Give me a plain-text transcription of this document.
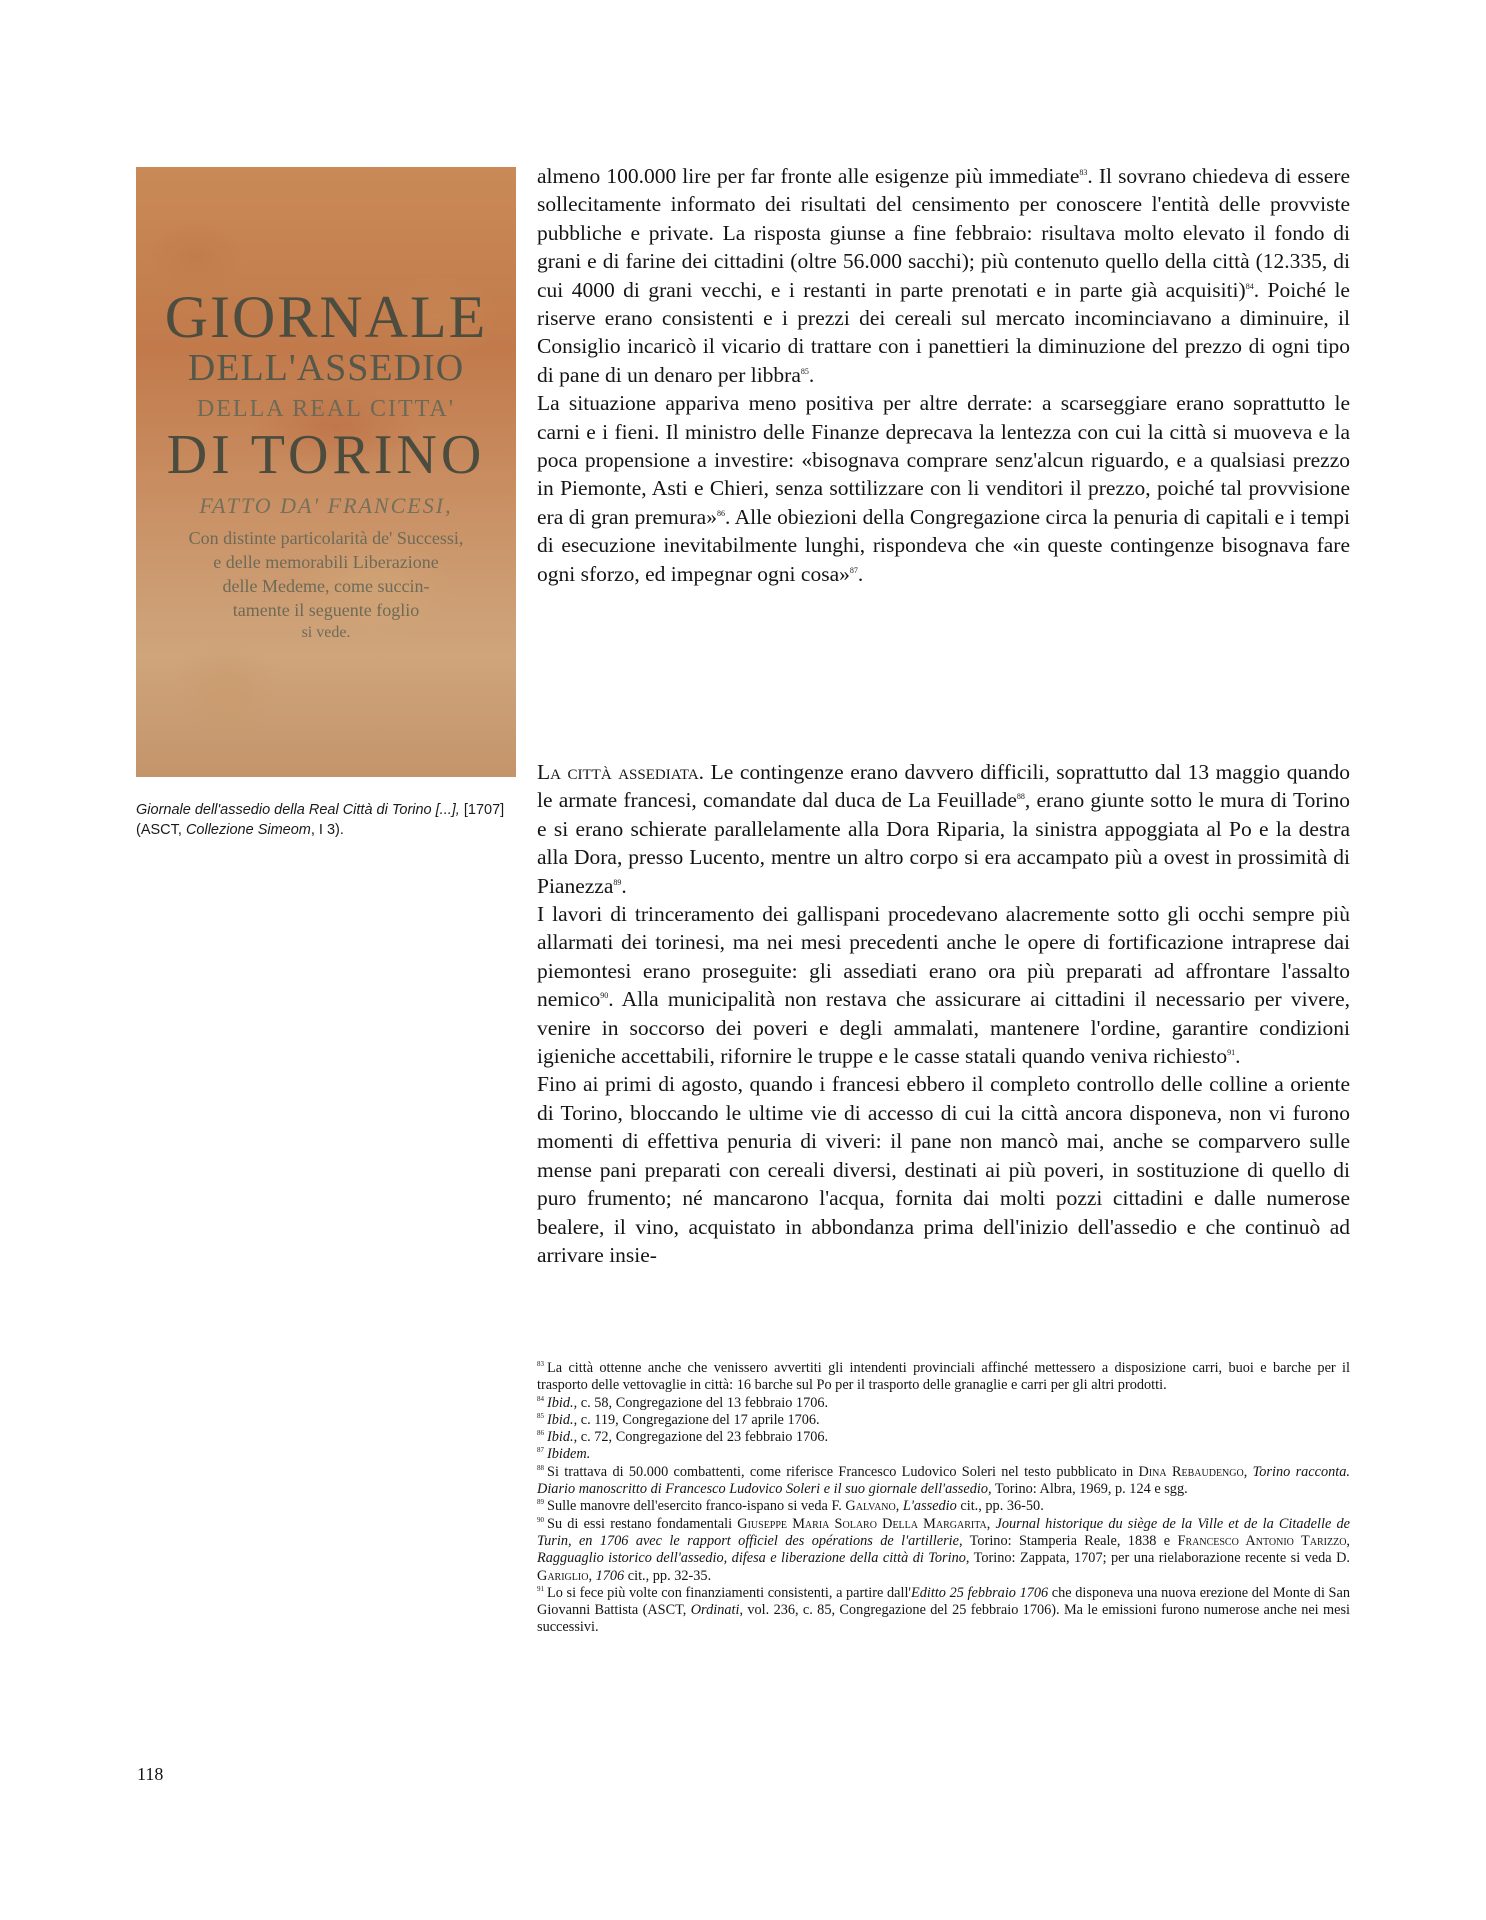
GIORNALE
DELL'ASSEDIO
DELLA REAL CITTA'
DI TORINO
FATTO DA' FRANCESI,
Con distinte particolarità de' Successi,
e delle memorabili Liberazione
delle Medeme, come succin-
tamente il seguente foglio
si vede.
Giornale dell'assedio della Real Città di Torino [...], [1707] (ASCT, Collezione Simeom, I 3).

almeno 100.000 lire per far fronte alle esigenze più immediate$^{83}$. Il sovrano chiedeva di essere sollecitamente informato dei risultati del censimento per conoscere l'entità delle provviste pubbliche e private. La risposta giunse a fine febbraio: risultava molto elevato il fondo di grani e di farine dei cittadini (oltre 56.000 sacchi); più contenuto quello della città (12.335, di cui 4000 di grani vecchi, e i restanti in parte prenotati e in parte già acquisiti)$^{84}$. Poiché le riserve erano consistenti e i prezzi dei cereali sul mercato incominciavano a diminuire, il Consiglio incaricò il vicario di trattare con i panettieri la diminuzione del prezzo di ogni tipo di pane di un denaro per libbra$^{85}$.

La situazione appariva meno positiva per altre derrate: a scarseggiare erano soprattutto le carni e i fieni. Il ministro delle Finanze deprecava la lentezza con cui la città si muoveva e la poca propensione a investire: «bisognava comprare senz'alcun riguardo, e a qualsiasi prezzo in Piemonte, Asti e Chieri, senza sottilizzare con li venditori il prezzo, poiché tal provvisione era di gran premura»$^{86}$. Alle obiezioni della Congregazione circa la penuria di capitali e i tempi di esecuzione inevitabilmente lunghi, rispondeva che «in queste contingenze bisognava fare ogni sforzo, ed impegnar ogni cosa»$^{87}$.

La città assediata. Le contingenze erano davvero difficili, soprattutto dal 13 maggio quando le armate francesi, comandate dal duca de La Feuillade$^{88}$, erano giunte sotto le mura di Torino e si erano schierate parallelamente alla Dora Riparia, la sinistra appoggiata al Po e la destra alla Dora, presso Lucento, mentre un altro corpo si era accampato più a ovest in prossimità di Pianezza$^{89}$.

I lavori di trinceramento dei gallispani procedevano alacremente sotto gli occhi sempre più allarmati dei torinesi, ma nei mesi precedenti anche le opere di fortificazione intraprese dai piemontesi erano proseguite: gli assediati erano ora più preparati ad affrontare l'assalto nemico$^{90}$. Alla municipalità non restava che assicurare ai cittadini il necessario per vivere, venire in soccorso dei poveri e degli ammalati, mantenere l'ordine, garantire condizioni igieniche accettabili, rifornire le truppe e le casse statali quando veniva richiesto$^{91}$.

Fino ai primi di agosto, quando i francesi ebbero il completo controllo delle colline a oriente di Torino, bloccando le ultime vie di accesso di cui la città ancora disponeva, non vi furono momenti di effettiva penuria di viveri: il pane non mancò mai, anche se comparvero sulle mense pani preparati con cereali diversi, destinati ai più poveri, in sostituzione di quello di puro frumento; né mancarono l'acqua, fornita dai molti pozzi cittadini e dalle numerose bealere, il vino, acquistato in abbondanza prima dell'inizio dell'assedio e che continuò ad arrivare insie-

$^{83}$ La città ottenne anche che venissero avvertiti gli intendenti provinciali affinché mettessero a disposizione carri, buoi e barche per il trasporto delle vettovaglie in città: 16 barche sul Po per il trasporto delle granaglie e carri per gli altri prodotti.

$^{84}$ Ibid., c. 58, Congregazione del 13 febbraio 1706.

$^{85}$ Ibid., c. 119, Congregazione del 17 aprile 1706.

$^{86}$ Ibid., c. 72, Congregazione del 23 febbraio 1706.

$^{87}$ Ibidem.

$^{88}$ Si trattava di 50.000 combattenti, come riferisce Francesco Ludovico Soleri nel testo pubblicato in Dina Rebaudengo, Torino racconta. Diario manoscritto di Francesco Ludovico Soleri e il suo giornale dell'assedio, Torino: Albra, 1969, p. 124 e sgg.

$^{89}$ Sulle manovre dell'esercito franco-ispano si veda F. Galvano, L'assedio cit., pp. 36-50.

$^{90}$ Su di essi restano fondamentali Giuseppe Maria Solaro Della Margarita, Journal historique du siège de la Ville et de la Citadelle de Turin, en 1706 avec le rapport officiel des opérations de l'artillerie, Torino: Stamperia Reale, 1838 e Francesco Antonio Tarizzo, Ragguaglio istorico dell'assedio, difesa e liberazione della città di Torino, Torino: Zappata, 1707; per una rielaborazione recente si veda D. Gariglio, 1706 cit., pp. 32-35.

$^{91}$ Lo si fece più volte con finanziamenti consistenti, a partire dall'Editto 25 febbraio 1706 che disponeva una nuova erezione del Monte di San Giovanni Battista (ASCT, Ordinati, vol. 236, c. 85, Congregazione del 25 febbraio 1706). Ma le emissioni furono numerose anche nei mesi successivi.

118
